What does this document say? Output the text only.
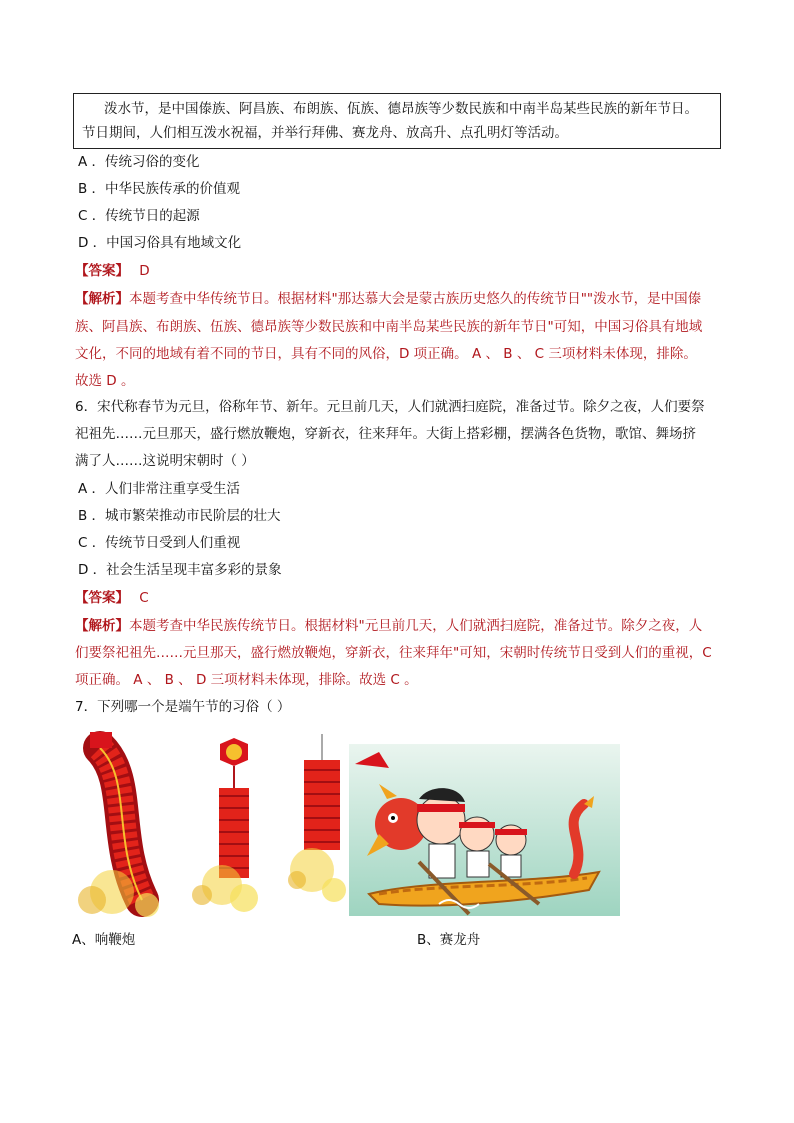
泼水节，是中国傣族、阿昌族、布朗族、佤族、德昂族等少数民族和中南半岛某些民族的新年节日。
节日期间，人们相互泼水祝福，并举行拜佛、赛龙舟、放高升、点孔明灯等活动。
A ．传统习俗的变化
B ．中华民族传承的价值观
C ．传统节日的起源
D ．中国习俗具有地域文化
【答案】 D
【解析】本题考查中华传统节日。根据材料"那达慕大会是蒙古族历史悠久的传统节日""泼水节，是中国傣
族、阿昌族、布朗族、伍族、德昂族等少数民族和中南半岛某些民族的新年节日"可知，中国习俗具有地域
文化，不同的地域有着不同的节日，具有不同的风俗，D 项正确。 A 、 B 、 C 三项材料未体现，排除。
故选 D 。
6．宋代称春节为元旦，俗称年节、新年。元旦前几天，人们就洒扫庭院，准备过节。除夕之夜，人们要祭
祀祖先……元旦那天，盛行燃放鞭炮，穿新衣，往来拜年。大街上搭彩棚，摆满各色货物，歌馆、舞场挤
满了人……这说明宋朝时（ ）
A ．人们非常注重享受生活
B ．城市繁荣推动市民阶层的壮大
C ．传统节日受到人们重视
D ．社会生活呈现丰富多彩的景象
【答案】 C
【解析】本题考查中华民族传统节日。根据材料"元旦前几天，人们就洒扫庭院，准备过节。除夕之夜，人
们要祭祀祖先……元旦那天，盛行燃放鞭炮，穿新衣，往来拜年"可知，宋朝时传统节日受到人们的重视，C
项正确。 A 、 B 、 D 三项材料未体现，排除。故选 C 。
7．下列哪一个是端午节的习俗（ ）
A、响鞭炮	B、赛龙舟
